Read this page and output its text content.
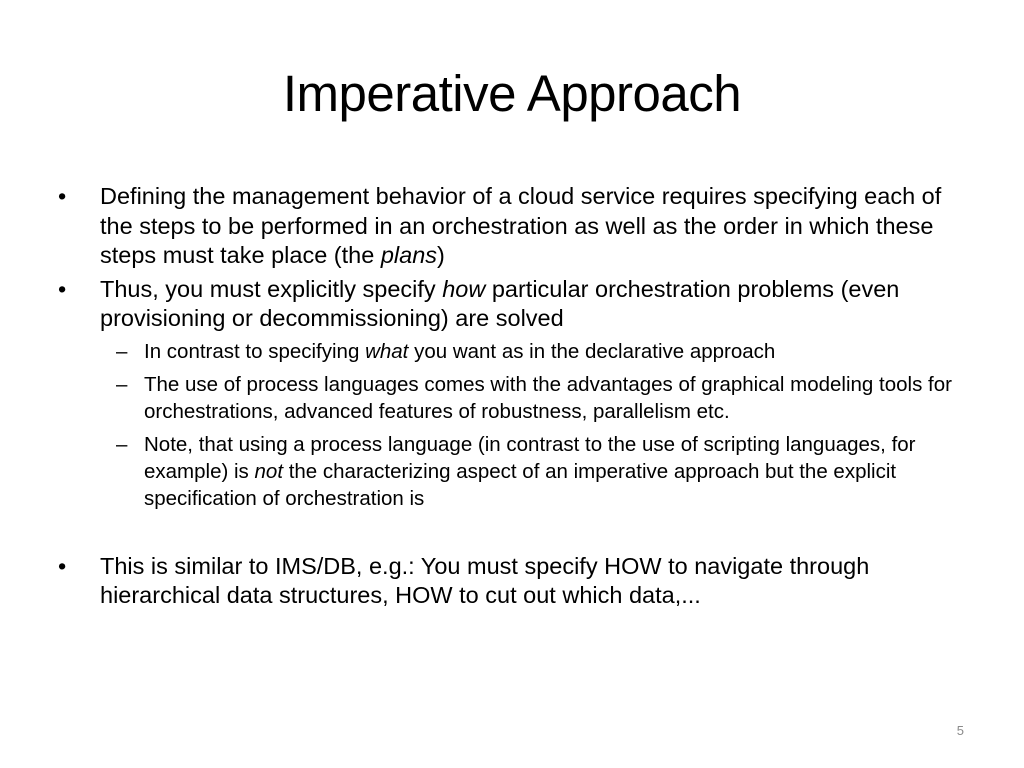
Imperative Approach
•	Defining the management behavior of a cloud service requires specifying each of the steps to be performed in an orchestration as well as the order in which these steps must take place (the plans)
•	Thus, you must explicitly specify how particular orchestration problems (even provisioning or decommissioning) are solved
– In contrast to specifying what you want as in the declarative approach
– The use of process languages comes with the advantages of graphical modeling tools for orchestrations, advanced features of robustness, parallelism etc.
– Note, that using a process language (in contrast to the use of scripting languages, for example) is not the characterizing aspect of an imperative approach but the explicit specification of orchestration is
•	This is similar to IMS/DB, e.g.: You must specify HOW to navigate through hierarchical data structures, HOW to cut out which data,...
5
